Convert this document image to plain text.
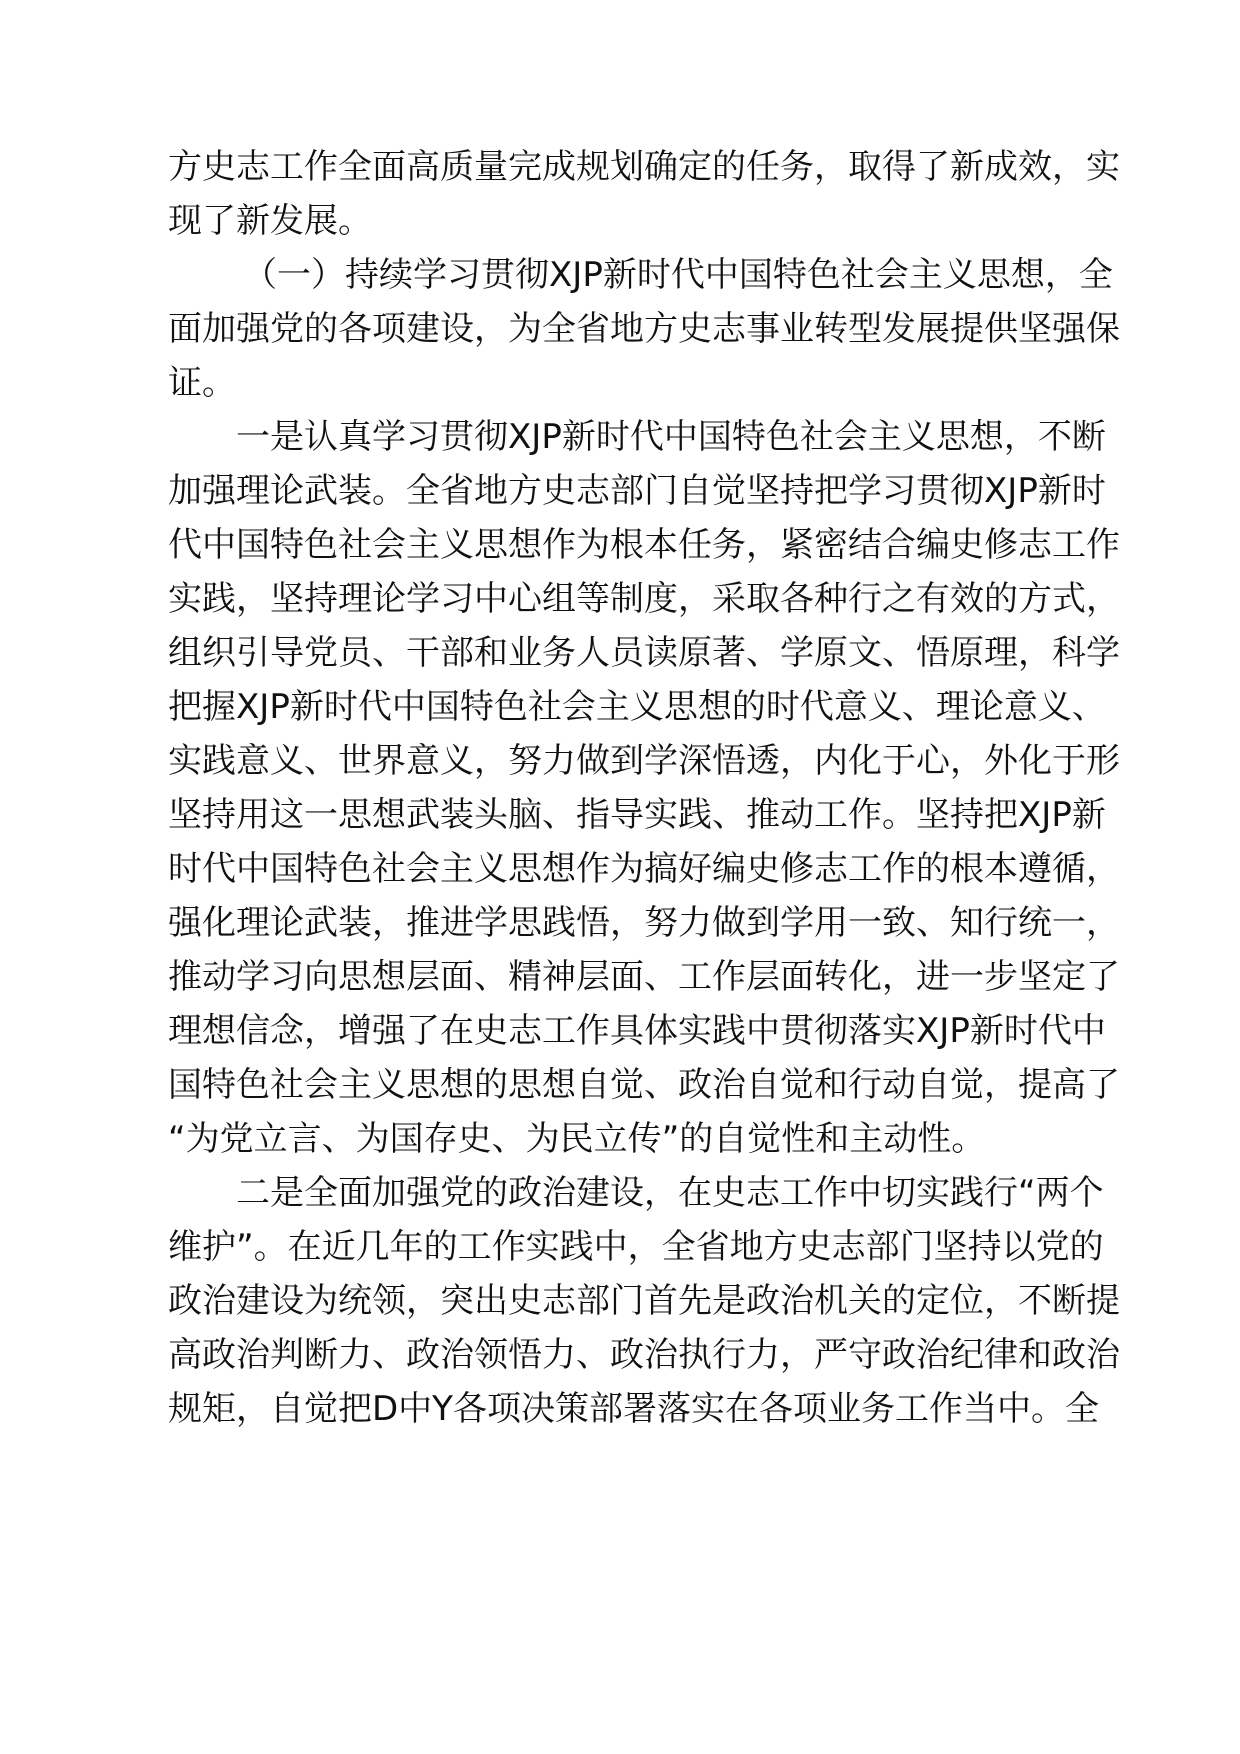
方史志工作全面高质量完成规划确定的任务，取得了新成效，实
现了新发展。
（一）持续学习贯彻XJP新时代中国特色社会主义思想，全
面加强党的各项建设，为全省地方史志事业转型发展提供坚强保
证。
一是认真学习贯彻XJP新时代中国特色社会主义思想，不断
加强理论武装。全省地方史志部门自觉坚持把学习贯彻XJP新时
代中国特色社会主义思想作为根本任务，紧密结合编史修志工作
实践，坚持理论学习中心组等制度，采取各种行之有效的方式，
组织引导党员、干部和业务人员读原著、学原文、悟原理，科学
把握XJP新时代中国特色社会主义思想的时代意义、理论意义、
实践意义、世界意义，努力做到学深悟透，内化于心，外化于形
坚持用这一思想武装头脑、指导实践、推动工作。坚持把XJP新
时代中国特色社会主义思想作为搞好编史修志工作的根本遵循，
强化理论武装，推进学思践悟，努力做到学用一致、知行统一，
推动学习向思想层面、精神层面、工作层面转化，进一步坚定了
理想信念，增强了在史志工作具体实践中贯彻落实XJP新时代中
国特色社会主义思想的思想自觉、政治自觉和行动自觉，提高了
“为党立言、为国存史、为民立传”的自觉性和主动性。
二是全面加强党的政治建设，在史志工作中切实践行“两个
维护”。在近几年的工作实践中，全省地方史志部门坚持以党的
政治建设为统领，突出史志部门首先是政治机关的定位，不断提
高政治判断力、政治领悟力、政治执行力，严守政治纪律和政治
规矩，自觉把D中Y各项决策部署落实在各项业务工作当中。全
